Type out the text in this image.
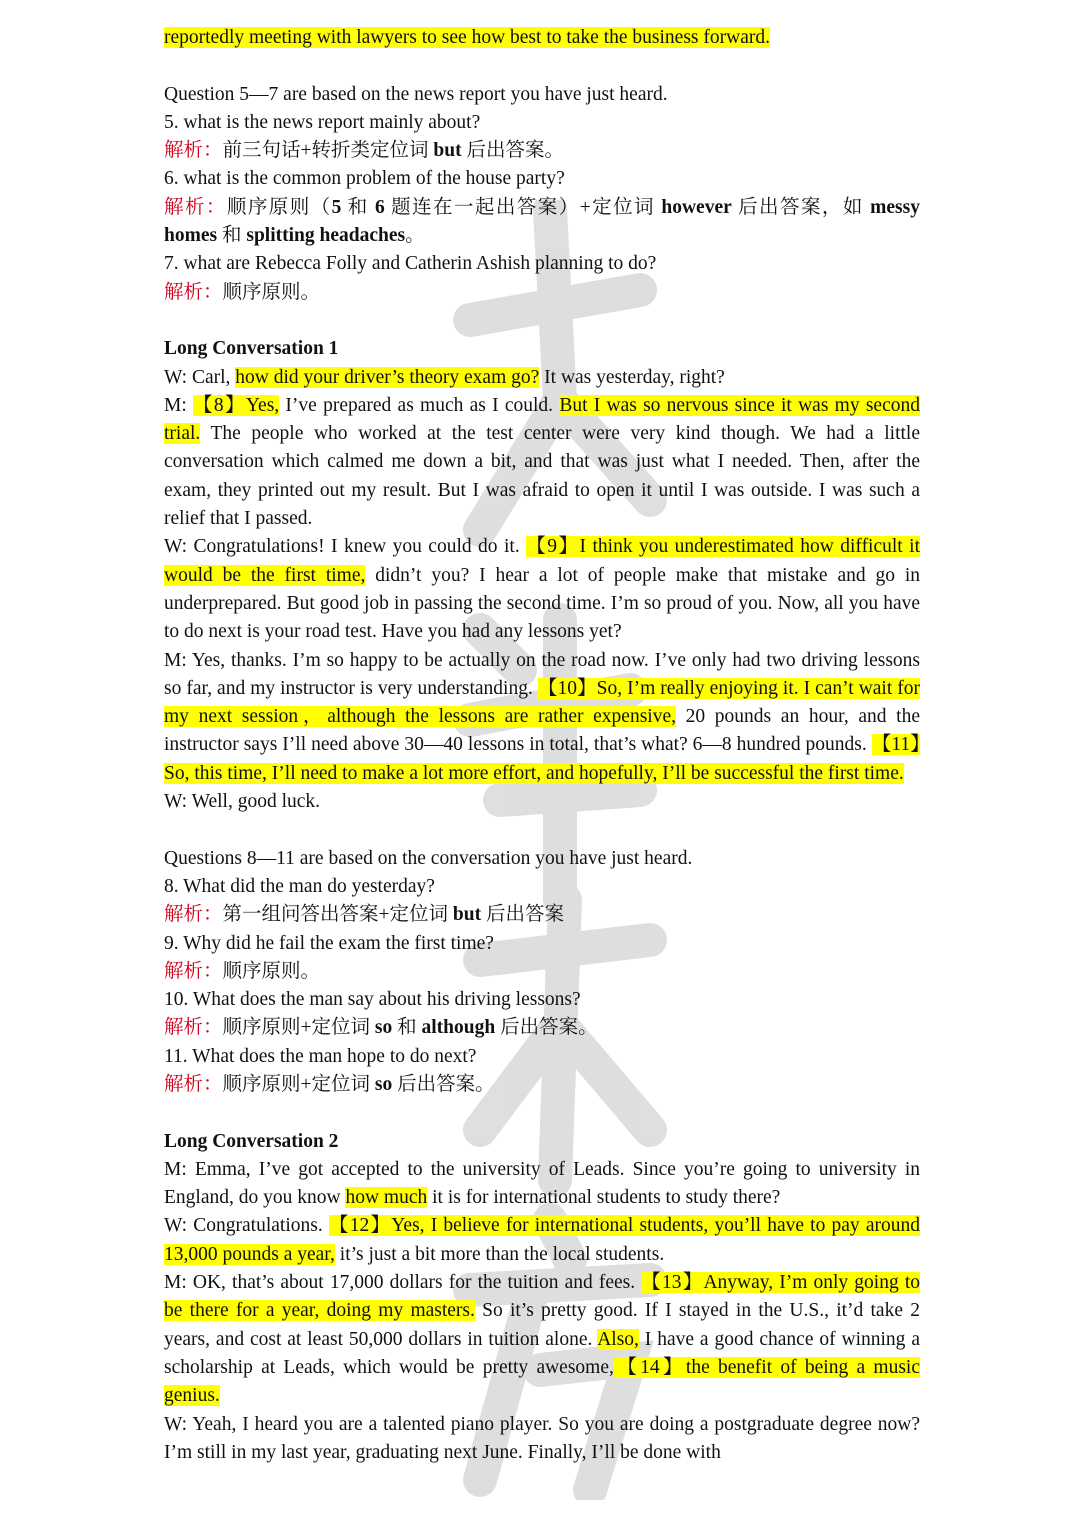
reportedly meeting with lawyers to see how best to take the business forward.

Question 5—7 are based on the news report you have just heard.

5. what is the news report mainly about?

解析：前三句话+转折类定位词 but 后出答案。

6. what is the common problem of the house party?

解析：顺序原则（5 和 6 题连在一起出答案）+定位词 however 后出答案，如 messy homes 和 splitting headaches。

7. what are Rebecca Folly and Catherin Ashish planning to do?

解析：顺序原则。

Long Conversation 1

W: Carl, how did your driver’s theory exam go? It was yesterday, right?

M: 【8】Yes, I’ve prepared as much as I could. But I was so nervous since it was my second trial. The people who worked at the test center were very kind though. We had a little conversation which calmed me down a bit, and that was just what I needed. Then, after the exam, they printed out my result. But I was afraid to open it until I was outside. I was such a relief that I passed.

W: Congratulations! I knew you could do it. 【9】I think you underestimated how difficult it would be the first time, didn’t you? I hear a lot of people make that mistake and go in underprepared. But good job in passing the second time. I’m so proud of you. Now, all you have to do next is your road test. Have you had any lessons yet?

M: Yes, thanks. I’m so happy to be actually on the road now. I’ve only had two driving lessons so far, and my instructor is very understanding. 【10】So, I’m really enjoying it. I can’t wait for my next session，although the lessons are rather expensive, 20 pounds an hour, and the instructor says I’ll need above 30—40 lessons in total, that’s what? 6—8 hundred pounds. 【11】So, this time, I’ll need to make a lot more effort, and hopefully, I’ll be successful the first time.

W: Well, good luck.

Questions 8—11 are based on the conversation you have just heard.

8. What did the man do yesterday?

解析：第一组问答出答案+定位词 but 后出答案

9. Why did he fail the exam the first time?

解析：顺序原则。

10. What does the man say about his driving lessons?

解析：顺序原则+定位词 so 和 although 后出答案。

11. What does the man hope to do next?

解析：顺序原则+定位词 so 后出答案。

Long Conversation 2

M: Emma, I’ve got accepted to the university of Leads. Since you’re going to university in England, do you know how much it is for international students to study there?

W: Congratulations. 【12】Yes, I believe for international students, you’ll have to pay around 13,000 pounds a year, it’s just a bit more than the local students.

M: OK, that’s about 17,000 dollars for the tuition and fees. 【13】Anyway, I’m only going to be there for a year, doing my masters. So it’s pretty good. If I stayed in the U.S., it’d take 2 years, and cost at least 50,000 dollars in tuition alone. Also, I have a good chance of winning a scholarship at Leads, which would be pretty awesome,【14】the benefit of being a music genius.

W: Yeah, I heard you are a talented piano player. So you are doing a postgraduate degree now? I’m still in my last year, graduating next June. Finally, I’ll be done with
